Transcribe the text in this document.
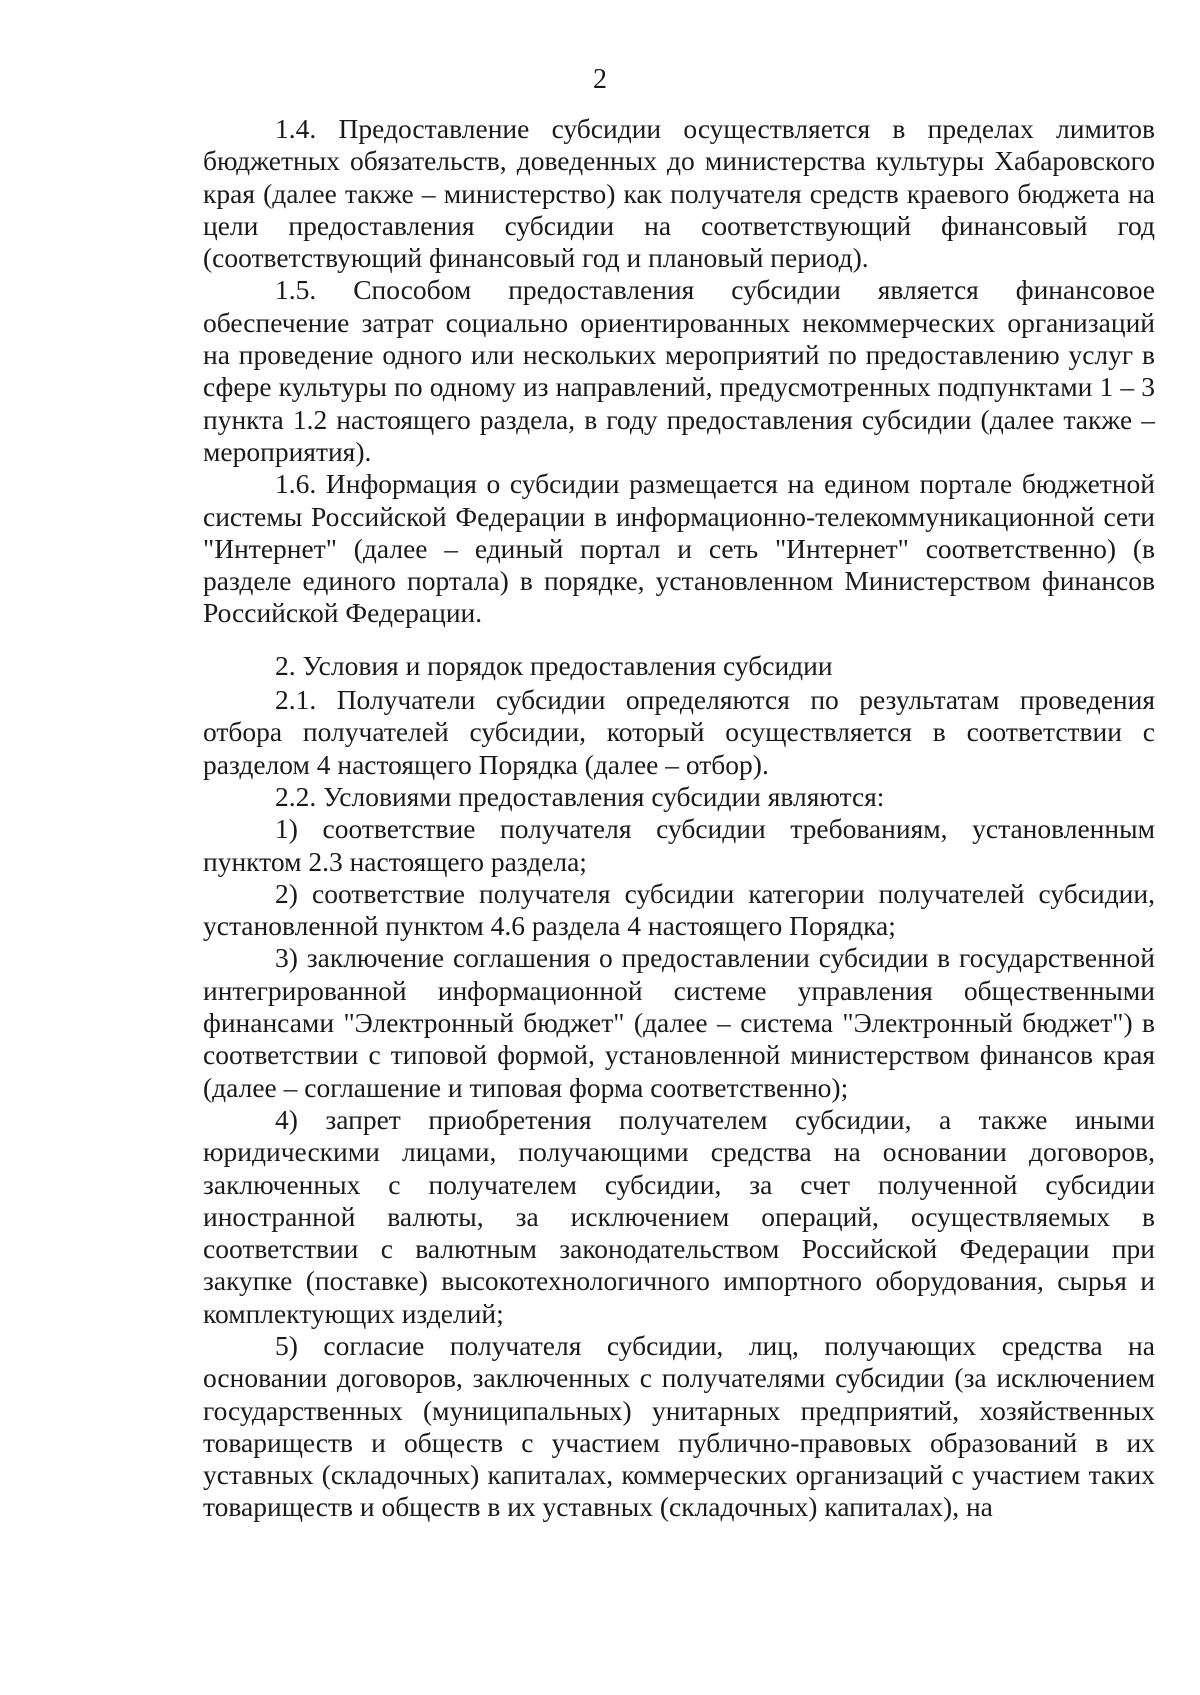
2

1.4. Предоставление субсидии осуществляется в пределах лимитов бюджетных обязательств, доведенных до министерства культуры Хабаровского края (далее также – министерство) как получателя средств краевого бюджета на цели предоставления субсидии на соответствующий финансовый год (соответствующий финансовый год и плановый период).

1.5. Способом предоставления субсидии является финансовое обеспечение затрат социально ориентированных некоммерческих организаций на проведение одного или нескольких мероприятий по предоставлению услуг в сфере культуры по одному из направлений, предусмотренных подпунктами 1 – 3 пункта 1.2 настоящего раздела, в году предоставления субсидии (далее также – мероприятия).

1.6. Информация о субсидии размещается на едином портале бюджетной системы Российской Федерации в информационно-телекоммуникационной сети "Интернет" (далее – единый портал и сеть "Интернет" соответственно) (в разделе единого портала) в порядке, установленном Министерством финансов Российской Федерации.

2. Условия и порядок предоставления субсидии

2.1. Получатели субсидии определяются по результатам проведения отбора получателей субсидии, который осуществляется в соответствии с разделом 4 настоящего Порядка (далее – отбор).

2.2. Условиями предоставления субсидии являются:

1) соответствие получателя субсидии требованиям, установленным пунктом 2.3 настоящего раздела;

2) соответствие получателя субсидии категории получателей субсидии, установленной пунктом 4.6 раздела 4 настоящего Порядка;

3) заключение соглашения о предоставлении субсидии в государственной интегрированной информационной системе управления общественными финансами "Электронный бюджет" (далее – система "Электронный бюджет") в соответствии с типовой формой, установленной министерством финансов края (далее – соглашение и типовая форма соответственно);

4) запрет приобретения получателем субсидии, а также иными юридическими лицами, получающими средства на основании договоров, заключенных с получателем субсидии, за счет полученной субсидии иностранной валюты, за исключением операций, осуществляемых в соответствии с валютным законодательством Российской Федерации при закупке (поставке) высокотехнологичного импортного оборудования, сырья и комплектующих изделий;

5) согласие получателя субсидии, лиц, получающих средства на основании договоров, заключенных с получателями субсидии (за исключением государственных (муниципальных) унитарных предприятий, хозяйственных товариществ и обществ с участием публично-правовых образований в их уставных (складочных) капиталах, коммерческих организаций с участием таких товариществ и обществ в их уставных (складочных) капиталах), на
